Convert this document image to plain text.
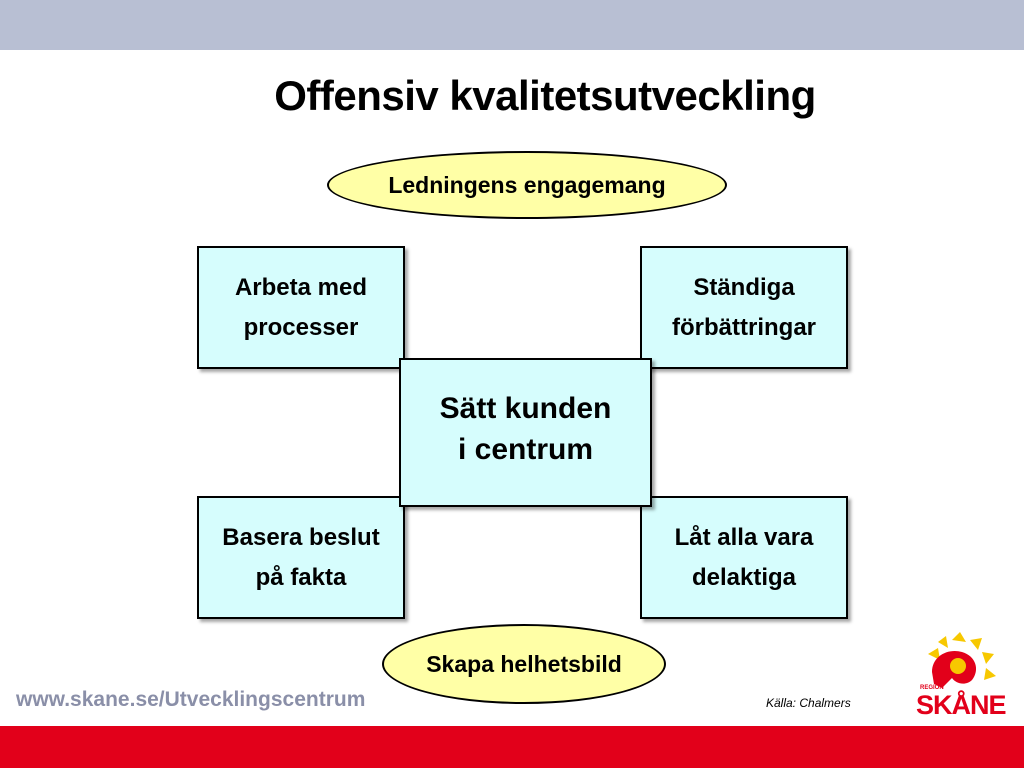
Offensiv kvalitetsutveckling
Ledningens engagemang
Arbeta med
processer
Ständiga
förbättringar
Basera beslut
på fakta
Låt alla vara
delaktiga
Sätt kunden
i centrum
Skapa helhetsbild
www.skane.se/Utvecklingscentrum	Källa: Chalmers
REGION
SKÅNE
